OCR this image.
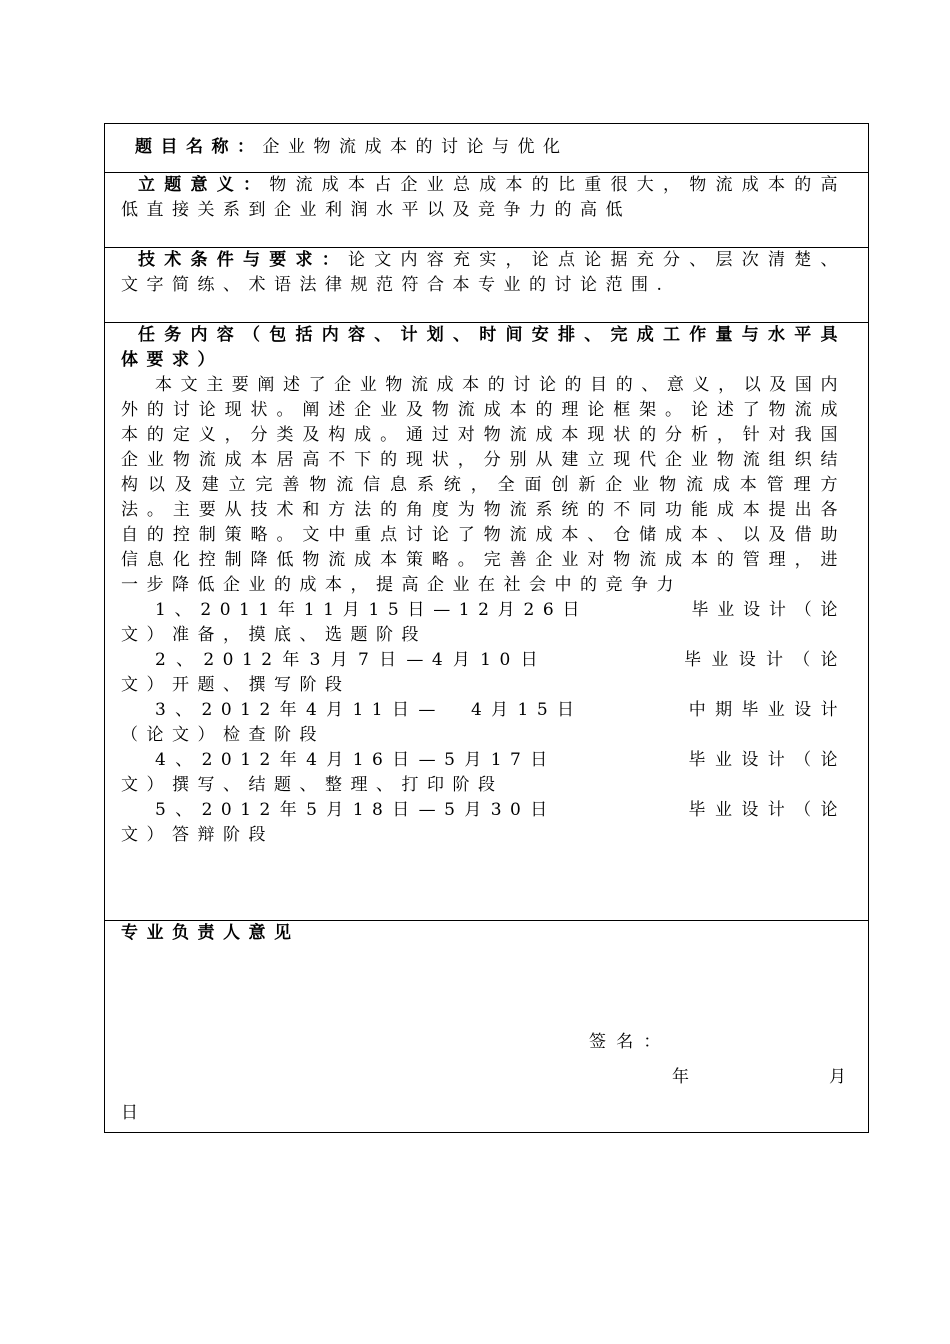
题目名称：企业物流成本的讨论与优化
立题意义：物流成本占企业总成本的比重很大，物流成本的高低直接关系到企业利润水平以及竞争力的高低
技术条件与要求：论文内容充实，论点论据充分、层次清楚、文字简练、术语法律规范符合本专业的讨论范围.
任务内容（包括内容、计划、时间安排、完成工作量与水平具体要求）
本文主要阐述了企业物流成本的讨论的目的、意义，以及国内外的讨论现状。阐述企业及物流成本的理论框架。论述了物流成本的定义，分类及构成。通过对物流成本现状的分析，针对我国企业物流成本居高不下的现状，分别从建立现代企业物流组织结构以及建立完善物流信息系统，全面创新企业物流成本管理方法。主要从技术和方法的角度为物流系统的不同功能成本提出各自的控制策略。文中重点讨论了物流成本、仓储成本、以及借助信息化控制降低物流成本策略。完善企业对物流成本的管理，进一步降低企业的成本，提高企业在社会中的竞争力
1、2011年11月15日—12月26日　　　　毕业设计（论文）准备，摸底、选题阶段
2、2012年3月7日—4月10日　　　　　毕业设计（论文）开题、撰写阶段
3、2012年4月11日—　4月15日　　　　中期毕业设计（论文）检查阶段
4、2012年4月16日—5月17日　　　　　毕业设计（论文）撰写、结题、整理、打印阶段
5、2012年5月18日—5月30日　　　　　毕业设计（论文）答辩阶段
专业负责人意见
签名：
年	月
日
